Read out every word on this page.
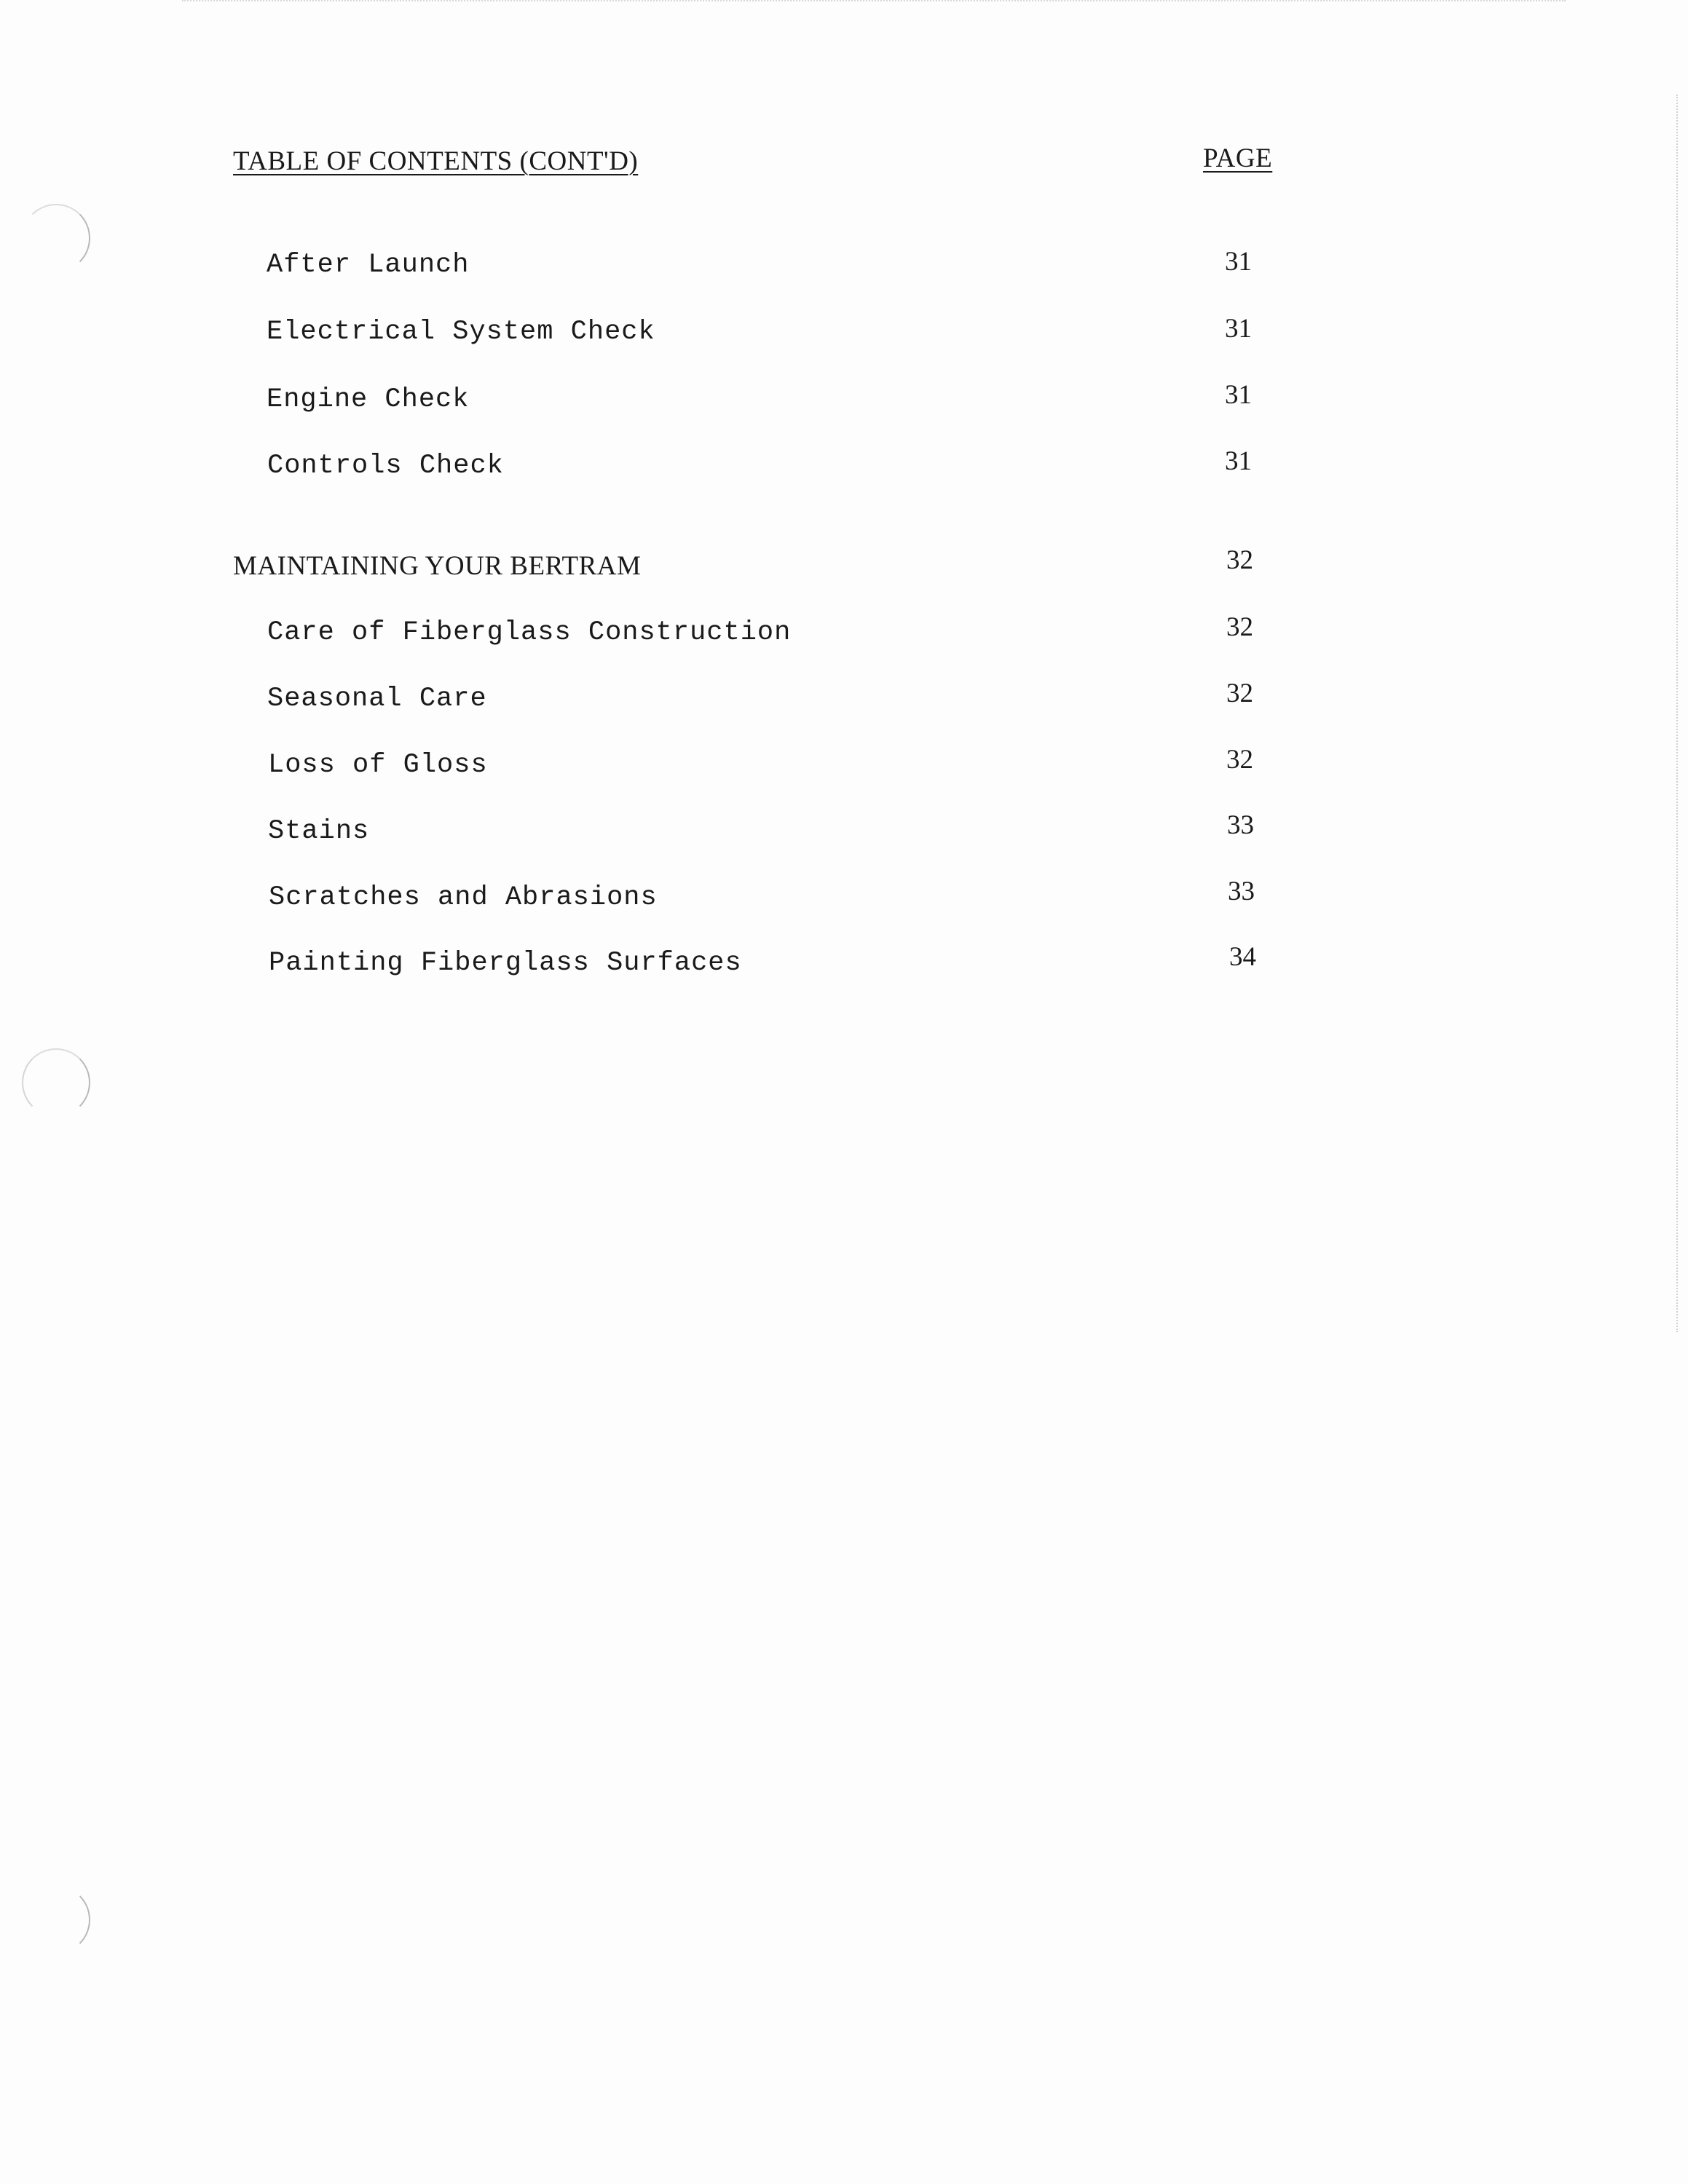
TABLE OF CONTENTS (CONT'D)	PAGE
After Launch	31
Electrical System Check	31
Engine Check	31
Controls Check	31
MAINTAINING YOUR BERTRAM	32
Care of Fiberglass Construction	32
Seasonal Care	32
Loss of Gloss	32
Stains	33
Scratches and Abrasions	33
Painting Fiberglass Surfaces	34
